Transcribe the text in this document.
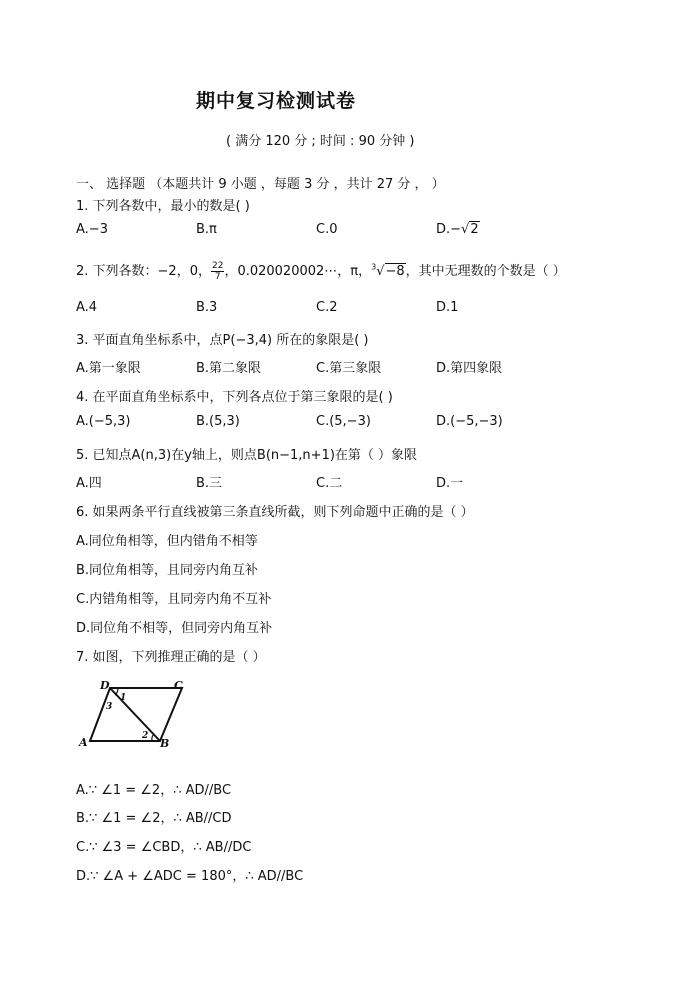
期中复习检测试卷
( 满分 120 分 ; 时间 : 90 分钟 )
一、 选择题 （本题共计 9 小题 ，每题 3 分 ，共计 27 分 ， ）
1. 下列各数中，最小的数是( )
A.−3	B.π	C.0	D.−√2
2. 下列各数：−2，0， $\frac{22}{7}$ ，0.020020002⋯，π，$^3$√−8，其中无理数的个数是（ ）
A.4	B.3	C.2	D.1
3. 平面直角坐标系中，点P(−3,4) 所在的象限是( )
A.第一象限	B.第二象限	C.第三象限	D.第四象限
4. 在平面直角坐标系中，下列各点位于第三象限的是( )
A.(−5,3)	B.(5,3)	C.(5,−3)	D.(−5,−3)
5. 已知点A(n,3)在y轴上，则点B(n−1,n+1)在第（ ）象限
A.四	B.三	C.二	D.一
6. 如果两条平行直线被第三条直线所截，则下列命题中正确的是（ ）
A.同位角相等，但内错角不相等
B.同位角相等，且同旁内角互补
C.内错角相等，且同旁内角不互补
D.同位角不相等，但同旁内角互补
7. 如图，下列推理正确的是（ ）
D	C
A	B
1
2
3
A.∵ ∠1 = ∠2，∴ AD//BC
B.∵ ∠1 = ∠2，∴ AB//CD
C.∵ ∠3 = ∠CBD，∴ AB//DC
D.∵ ∠A + ∠ADC = 180°，∴ AD//BC
